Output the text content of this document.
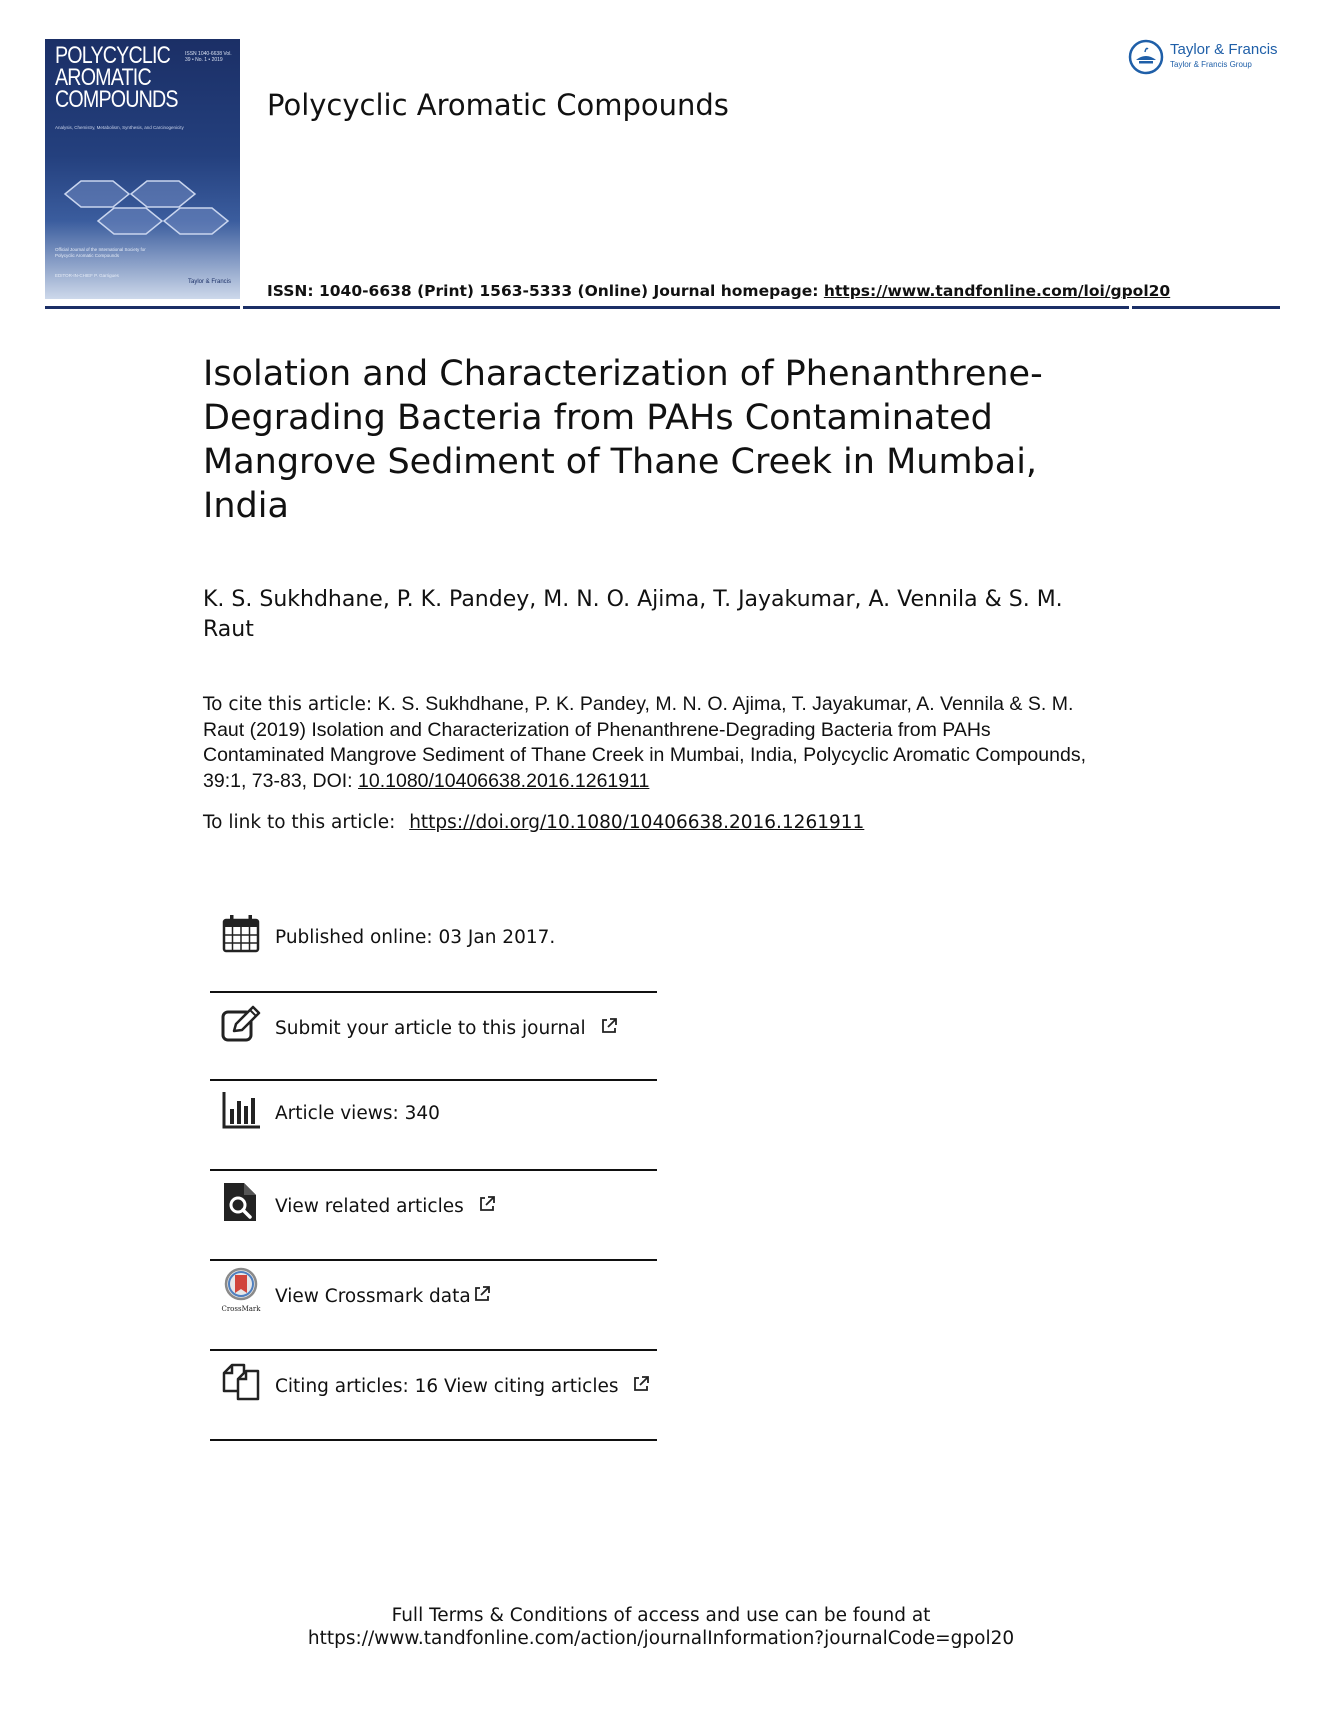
POLYCYCLIC
AROMATIC
COMPOUNDS
ISSN 1040-6638 Vol. 39 • No. 1 • 2019
Analysis, Chemistry, Metabolism, Synthesis, and Carcinogenicity
Official Journal of the International Society for Polycyclic Aromatic Compounds
EDITOR-IN-CHIEF P. Garrigues
Taylor & Francis
Polycyclic Aromatic Compounds
Taylor & Francis
Taylor & Francis Group
ISSN: 1040-6638 (Print) 1563-5333 (Online) Journal homepage: https://www.tandfonline.com/loi/gpol20
Isolation and Characterization of Phenanthrene-Degrading Bacteria from PAHs Contaminated Mangrove Sediment of Thane Creek in Mumbai, India
K. S. Sukhdhane, P. K. Pandey, M. N. O. Ajima, T. Jayakumar, A. Vennila & S. M. Raut
To cite this article: K. S. Sukhdhane, P. K. Pandey, M. N. O. Ajima, T. Jayakumar, A. Vennila & S. M. Raut (2019) Isolation and Characterization of Phenanthrene-Degrading Bacteria from PAHs Contaminated Mangrove Sediment of Thane Creek in Mumbai, India, Polycyclic Aromatic Compounds, 39:1, 73-83, DOI: 10.1080/10406638.2016.1261911
To link to this article: https://doi.org/10.1080/10406638.2016.1261911
Published online: 03 Jan 2017.
Submit your article to this journal
Article views: 340
View related articles
CrossMark
View Crossmark data
Citing articles: 16 View citing articles
Full Terms & Conditions of access and use can be found at
https://www.tandfonline.com/action/journalInformation?journalCode=gpol20
